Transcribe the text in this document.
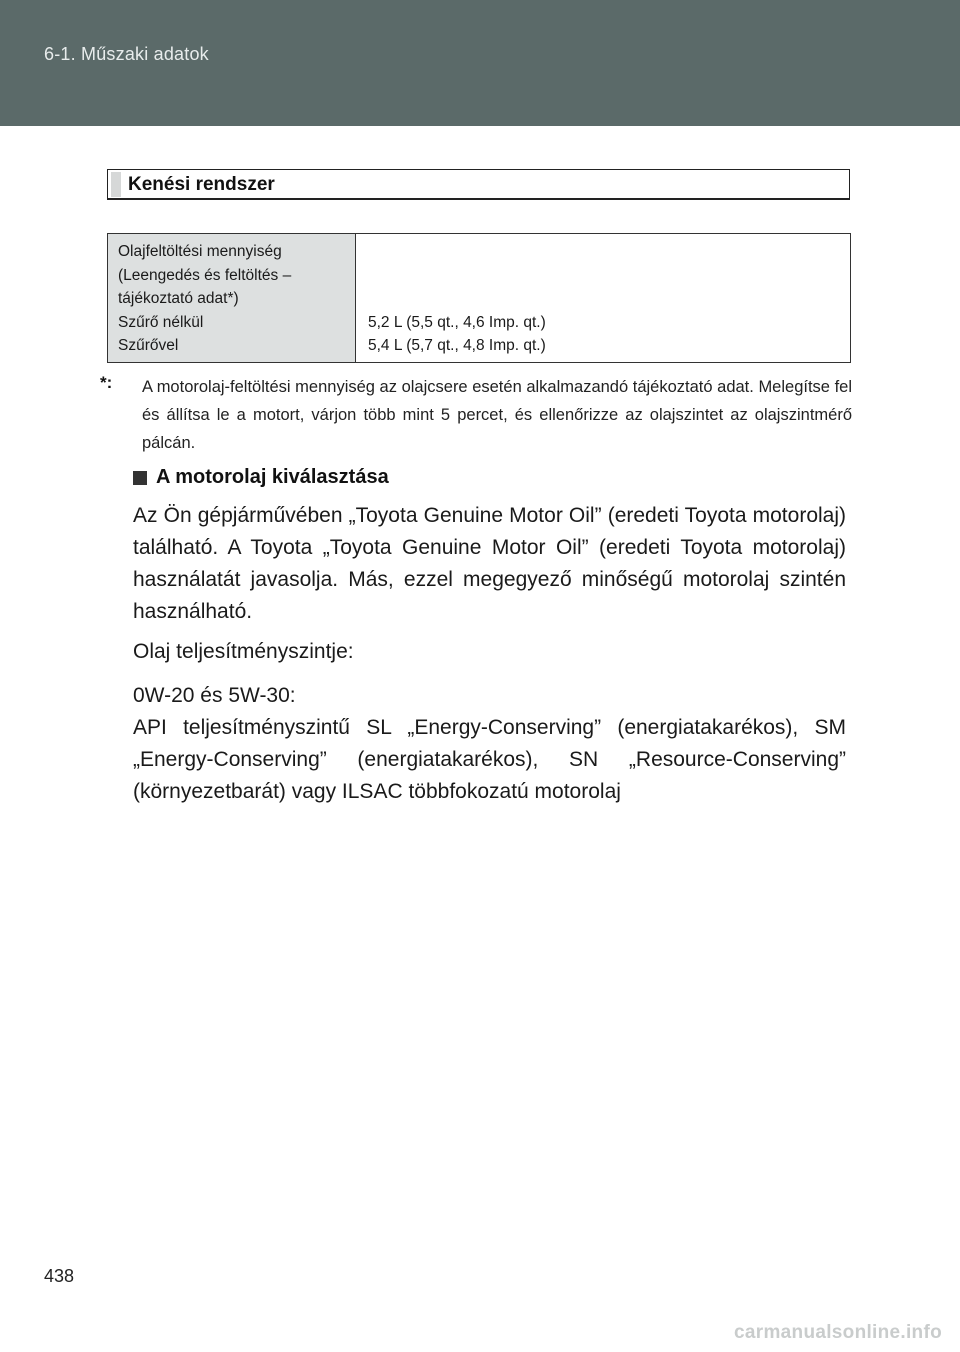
6-1. Műszaki adatok
Kenési rendszer
Olajfeltöltési mennyiség
(Leengedés és feltöltés –
tájékoztató adat*)
Szűrő nélkül
Szűrővel
5,2 L (5,5 qt., 4,6 Imp. qt.)
5,4 L (5,7 qt., 4,8 Imp. qt.)
*: A motorolaj-feltöltési mennyiség az olajcsere esetén alkalmazandó tájékoztató adat. Melegítse fel és állítsa le a motort, várjon több mint 5 percet, és ellenőrizze az olajszintet az olajszintmérő pálcán.
A motorolaj kiválasztása
Az Ön gépjárművében „Toyota Genuine Motor Oil” (eredeti Toyota motorolaj) található. A Toyota „Toyota Genuine Motor Oil” (eredeti Toyota motorolaj) használatát javasolja. Más, ezzel megegyező minőségű motorolaj szintén használható.
Olaj teljesítményszintje:
0W-20 és 5W-30:
API teljesítményszintű SL „Energy-Conserving” (energiatakarékos), SM „Energy-Conserving” (energiatakarékos), SN „Resource-Conserving” (környezetbarát) vagy ILSAC többfokozatú motorolaj
438
carmanualsonline.info
